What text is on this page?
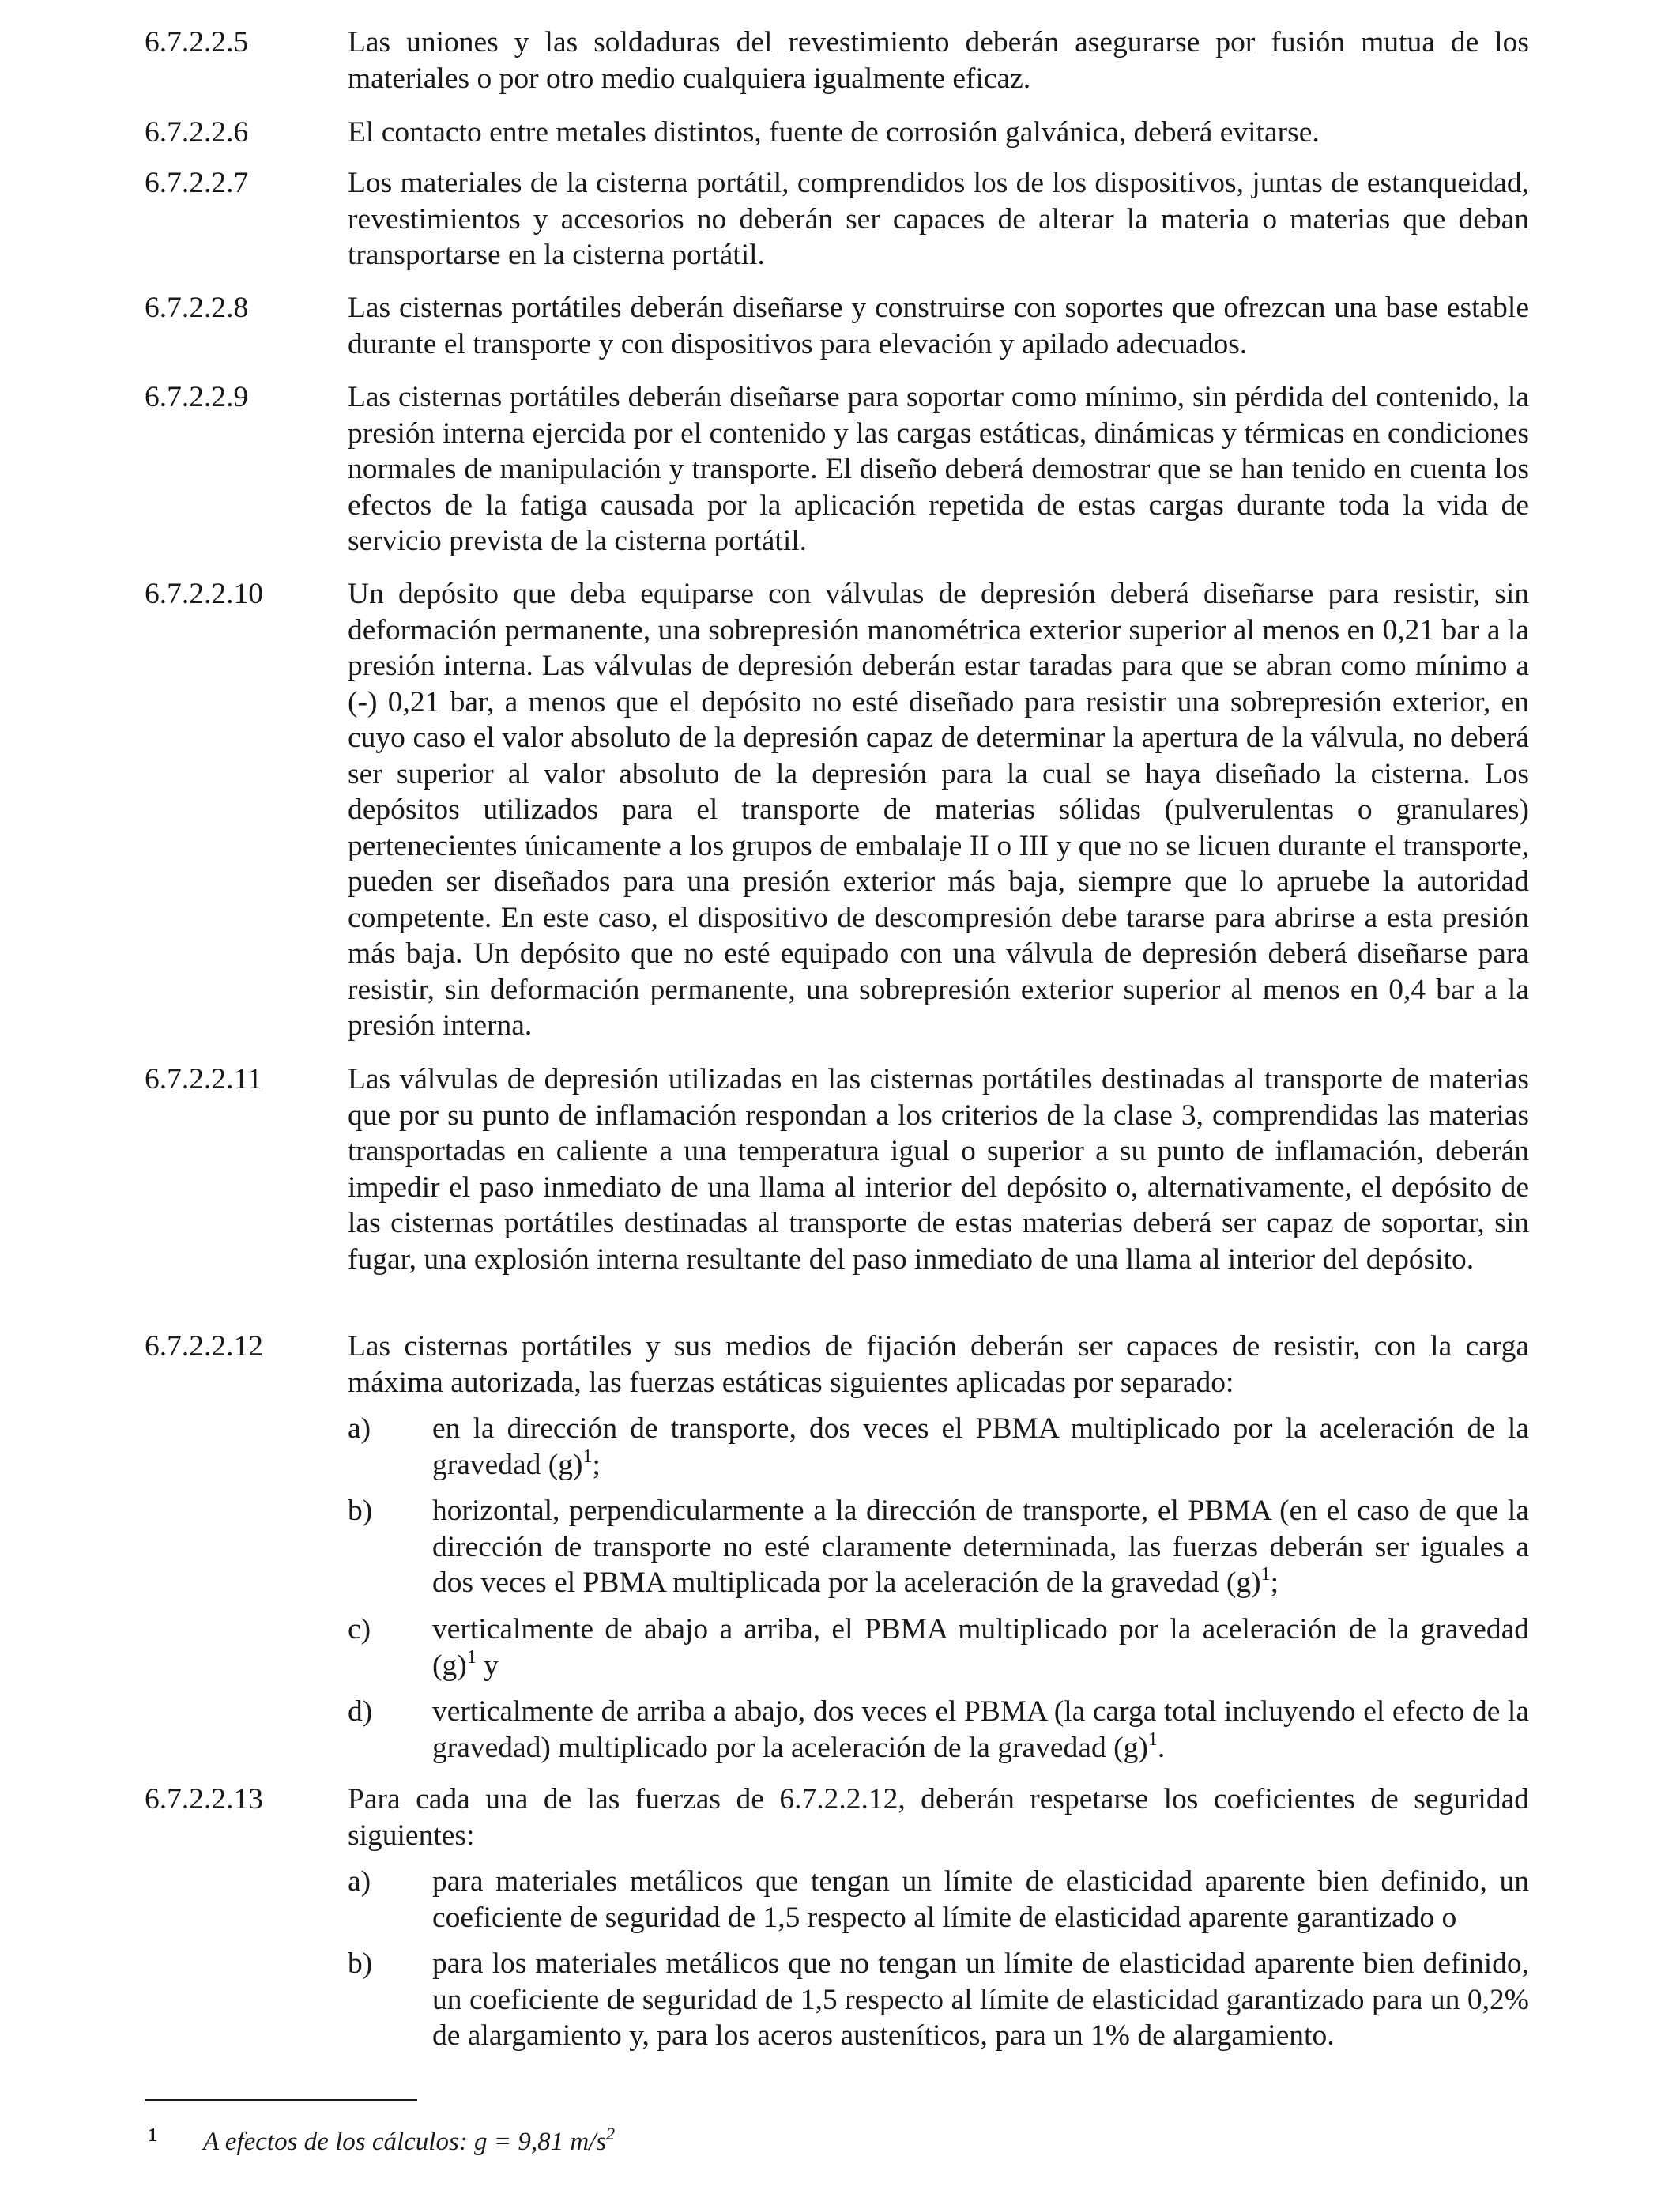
6.7.2.2.5	Las uniones y las soldaduras del revestimiento deberán asegurarse por fusión mutua de los materiales o por otro medio cualquiera igualmente eficaz.
6.7.2.2.6	El contacto entre metales distintos, fuente de corrosión galvánica, deberá evitarse.
6.7.2.2.7	Los materiales de la cisterna portátil, comprendidos los de los dispositivos, juntas de estanqueidad, revestimientos y accesorios no deberán ser capaces de alterar la materia o materias que deban transportarse en la cisterna portátil.
6.7.2.2.8	Las cisternas portátiles deberán diseñarse y construirse con soportes que ofrezcan una base estable durante el transporte y con dispositivos para elevación y apilado adecuados.
6.7.2.2.9	Las cisternas portátiles deberán diseñarse para soportar como mínimo, sin pérdida del contenido, la presión interna ejercida por el contenido y las cargas estáticas, dinámicas y térmicas en condiciones normales de manipulación y transporte. El diseño deberá demostrar que se han tenido en cuenta los efectos de la fatiga causada por la aplicación repetida de estas cargas durante toda la vida de servicio prevista de la cisterna portátil.
6.7.2.2.10	Un depósito que deba equiparse con válvulas de depresión deberá diseñarse para resistir, sin deformación permanente, una sobrepresión manométrica exterior superior al menos en 0,21 bar a la presión interna. Las válvulas de depresión deberán estar taradas para que se abran como mínimo a (-) 0,21 bar, a menos que el depósito no esté diseñado para resistir una sobrepresión exterior, en cuyo caso el valor absoluto de la depresión capaz de determinar la apertura de la válvula, no deberá ser superior al valor absoluto de la depresión para la cual se haya diseñado la cisterna. Los depósitos utilizados para el transporte de materias sólidas (pulverulentas o granulares) pertenecientes únicamente a los grupos de embalaje II o III y que no se licuen durante el transporte, pueden ser diseñados para una presión exterior más baja, siempre que lo apruebe la autoridad competente. En este caso, el dispositivo de descompresión debe tararse para abrirse a esta presión más baja. Un depósito que no esté equipado con una válvula de depresión deberá diseñarse para resistir, sin deformación permanente, una sobrepresión exterior superior al menos en 0,4 bar a la presión interna.
6.7.2.2.11	Las válvulas de depresión utilizadas en las cisternas portátiles destinadas al transporte de materias que por su punto de inflamación respondan a los criterios de la clase 3, comprendidas las materias transportadas en caliente a una temperatura igual o superior a su punto de inflamación, deberán impedir el paso inmediato de una llama al interior del depósito o, alternativamente, el depósito de las cisternas portátiles destinadas al transporte de estas materias deberá ser capaz de soportar, sin fugar, una explosión interna resultante del paso inmediato de una llama al interior del depósito.
6.7.2.2.12	Las cisternas portátiles y sus medios de fijación deberán ser capaces de resistir, con la carga máxima autorizada, las fuerzas estáticas siguientes aplicadas por separado:
a) en la dirección de transporte, dos veces el PBMA multiplicado por la aceleración de la gravedad $(g)^1$;
b) horizontal, perpendicularmente a la dirección de transporte, el PBMA (en el caso de que la dirección de transporte no esté claramente determinada, las fuerzas deberán ser iguales a dos veces el PBMA multiplicada por la aceleración de la gravedad $(g)^1$;
c) verticalmente de abajo a arriba, el PBMA multiplicado por la aceleración de la gravedad $(g)^1$ y
d) verticalmente de arriba a abajo, dos veces el PBMA (la carga total incluyendo el efecto de la gravedad) multiplicado por la aceleración de la gravedad $(g)^1$.
6.7.2.2.13	Para cada una de las fuerzas de 6.7.2.2.12, deberán respetarse los coeficientes de seguridad siguientes:
a) para materiales metálicos que tengan un límite de elasticidad aparente bien definido, un coeficiente de seguridad de 1,5 respecto al límite de elasticidad aparente garantizado o
b) para los materiales metálicos que no tengan un límite de elasticidad aparente bien definido, un coeficiente de seguridad de 1,5 respecto al límite de elasticidad garantizado para un 0,2% de alargamiento y, para los aceros austeníticos, para un 1% de alargamiento.
1 A efectos de los cálculos: g = 9,81 $m/s^2$
